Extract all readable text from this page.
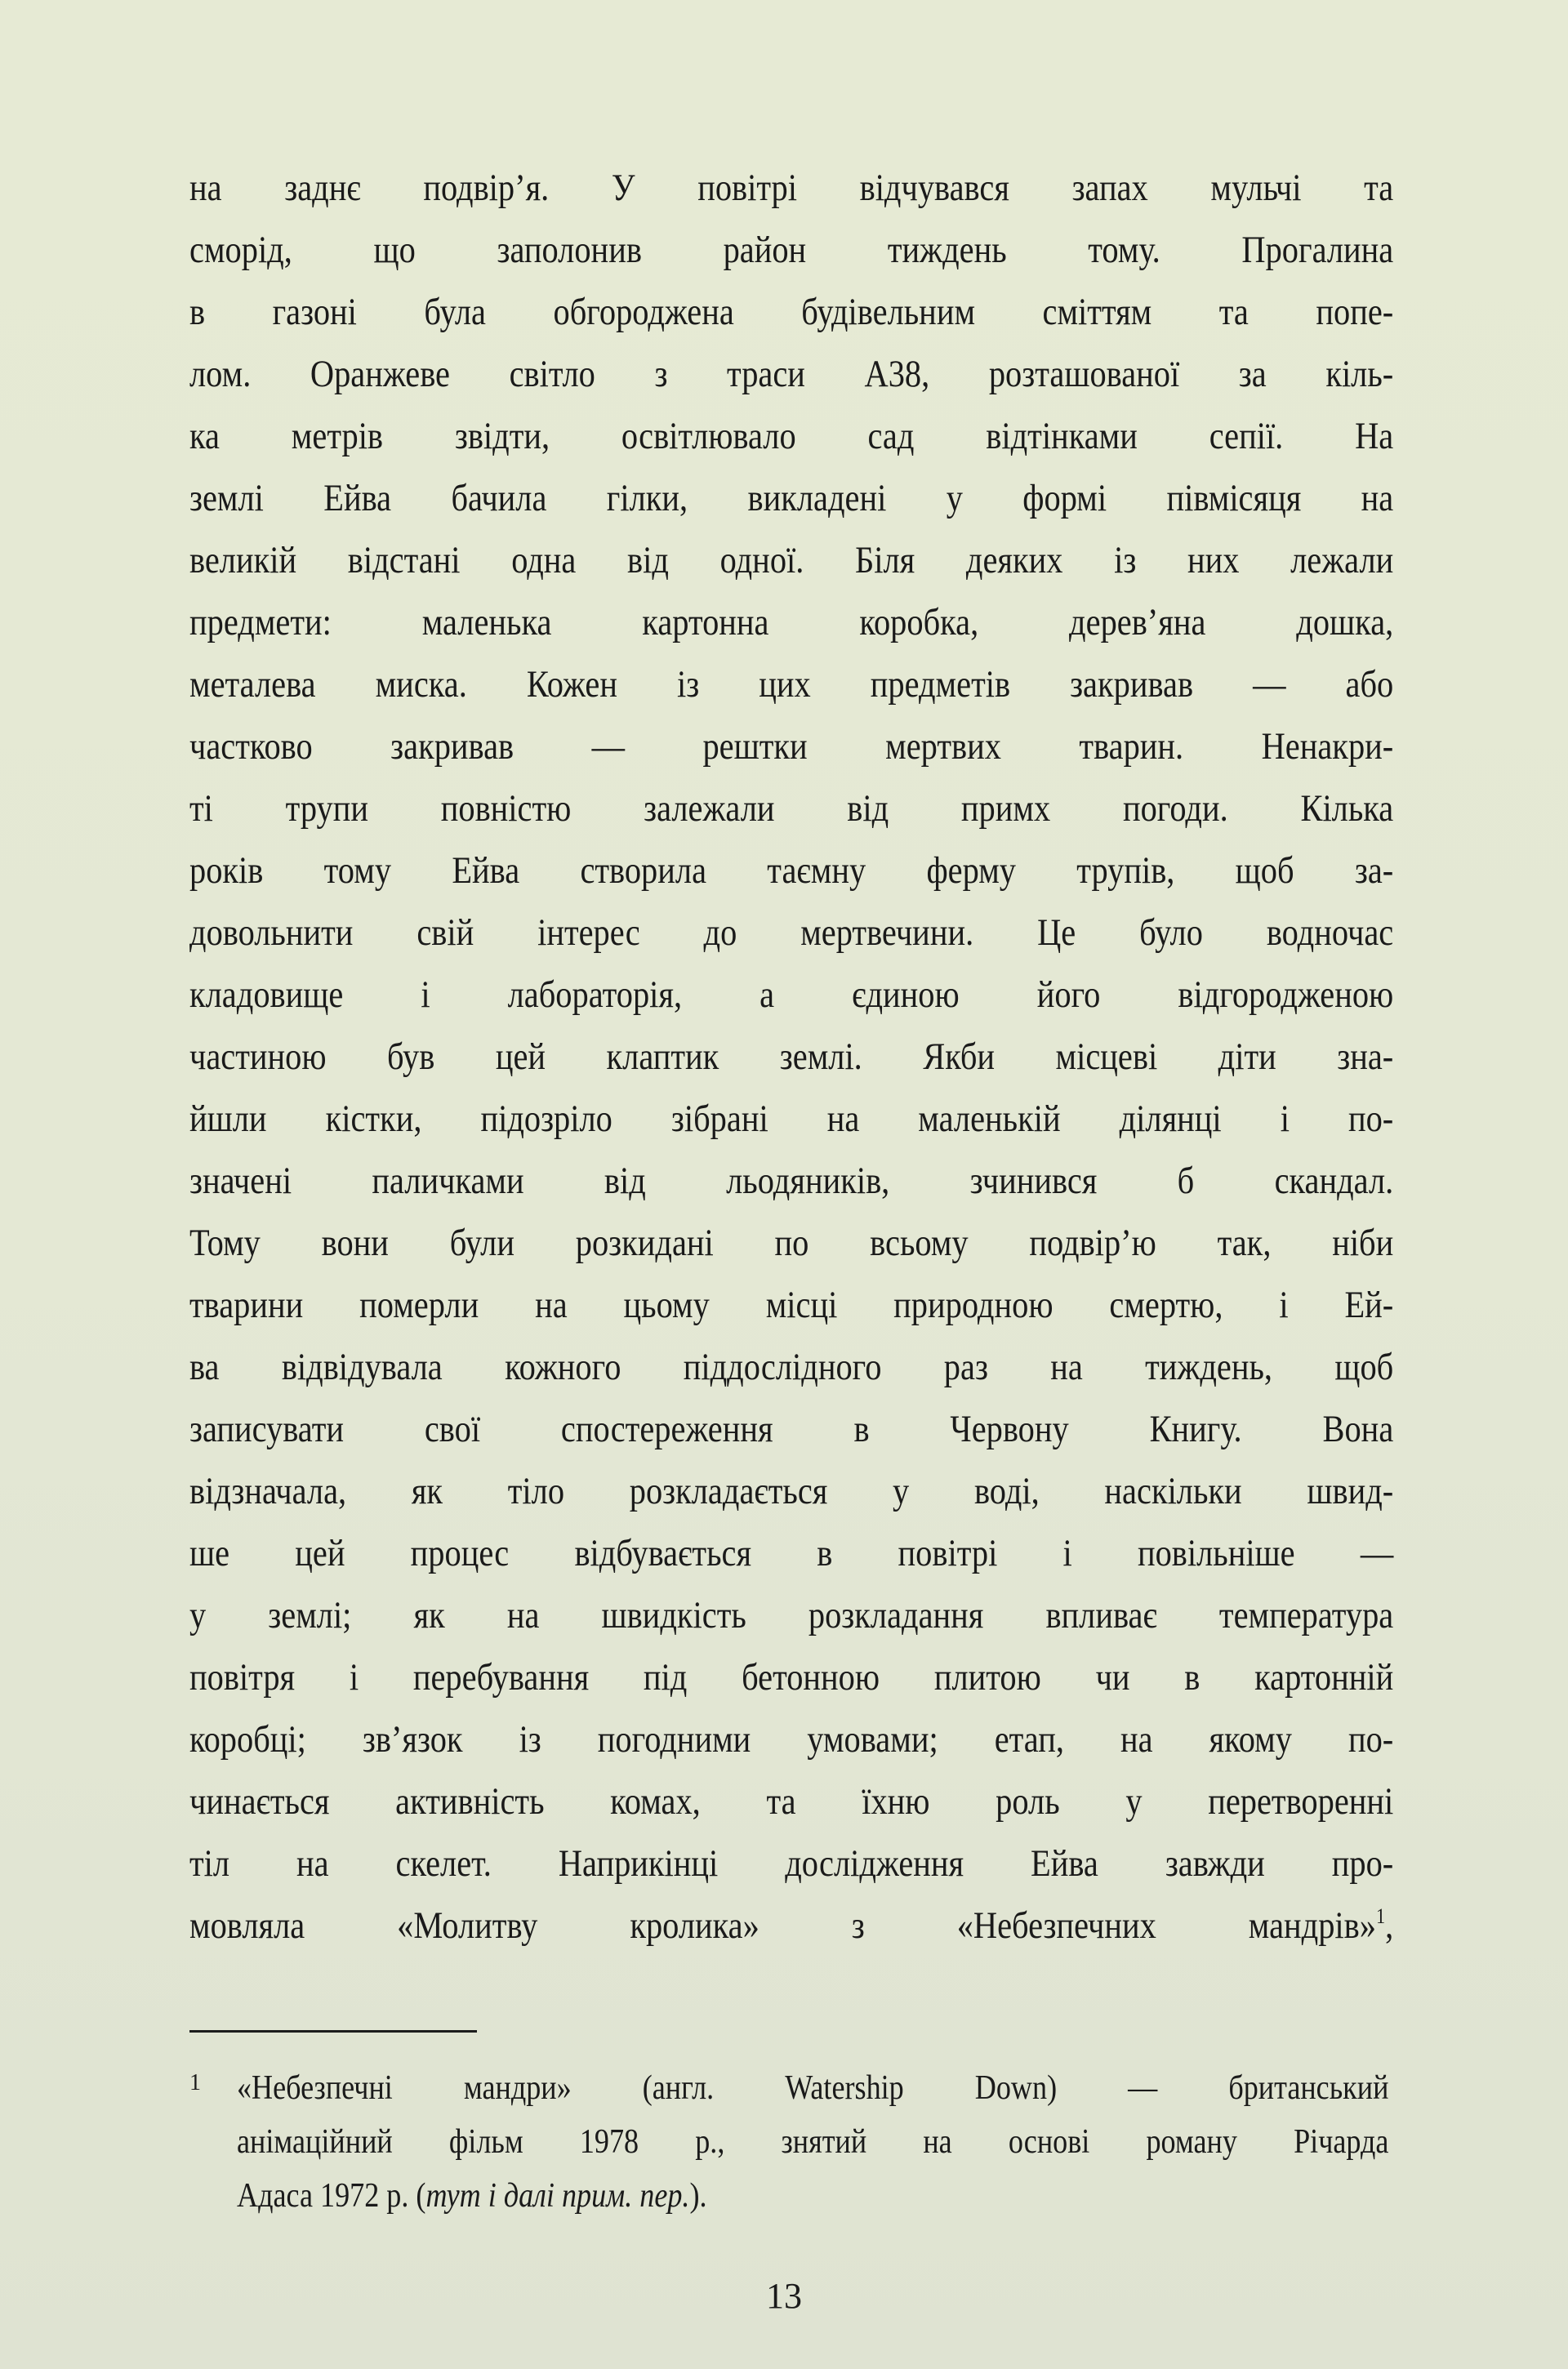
на заднє подвір’я. У повітрі відчувався запах мульчі та
сморід, що заполонив район тиждень тому. Прогалина
в газоні була обгороджена будівельним сміттям та попе-
лом. Оранжеве світло з траси А38, розташованої за кіль-
ка метрів звідти, освітлювало сад відтінками сепії. На
землі Ейва бачила гілки, викладені у формі півмісяця на
великій відстані одна від одної. Біля деяких із них лежали
предмети: маленька картонна коробка, дерев’яна дошка,
металева миска. Кожен із цих предметів закривав — або
частково закривав — рештки мертвих тварин. Ненакри-
ті трупи повністю залежали від примх погоди. Кілька
років тому Ейва створила таємну ферму трупів, щоб за-
довольнити свій інтерес до мертвечини. Це було водночас
кладовище і лабораторія, а єдиною його відгородженою
частиною був цей клаптик землі. Якби місцеві діти зна-
йшли кістки, підозріло зібрані на маленькій ділянці і по-
значені паличками від льодяників, зчинився б скандал.
Тому вони були розкидані по всьому подвір’ю так, ніби
тварини померли на цьому місці природною смертю, і Ей-
ва відвідувала кожного піддослідного раз на тиждень, щоб
записувати свої спостереження в Червону Книгу. Вона
відзначала, як тіло розкладається у воді, наскільки швид-
ше цей процес відбувається в повітрі і повільніше —
у землі; як на швидкість розкладання впливає температура
повітря і перебування під бетонною плитою чи в картонній
коробці; зв’язок із погодними умовами; етап, на якому по-
чинається активність комах, та їхню роль у перетворенні
тіл на скелет. Наприкінці дослідження Ейва завжди про-
мовляла «Молитву кролика» з «Небезпечних мандрів»$^1$,
1 «Небезпечні мандри» (англ. Watership Down) — британський
анімаційний фільм 1978 р., знятий на основі роману Річарда
Адаса 1972 р. (тут і далі прим. пер.).
13
